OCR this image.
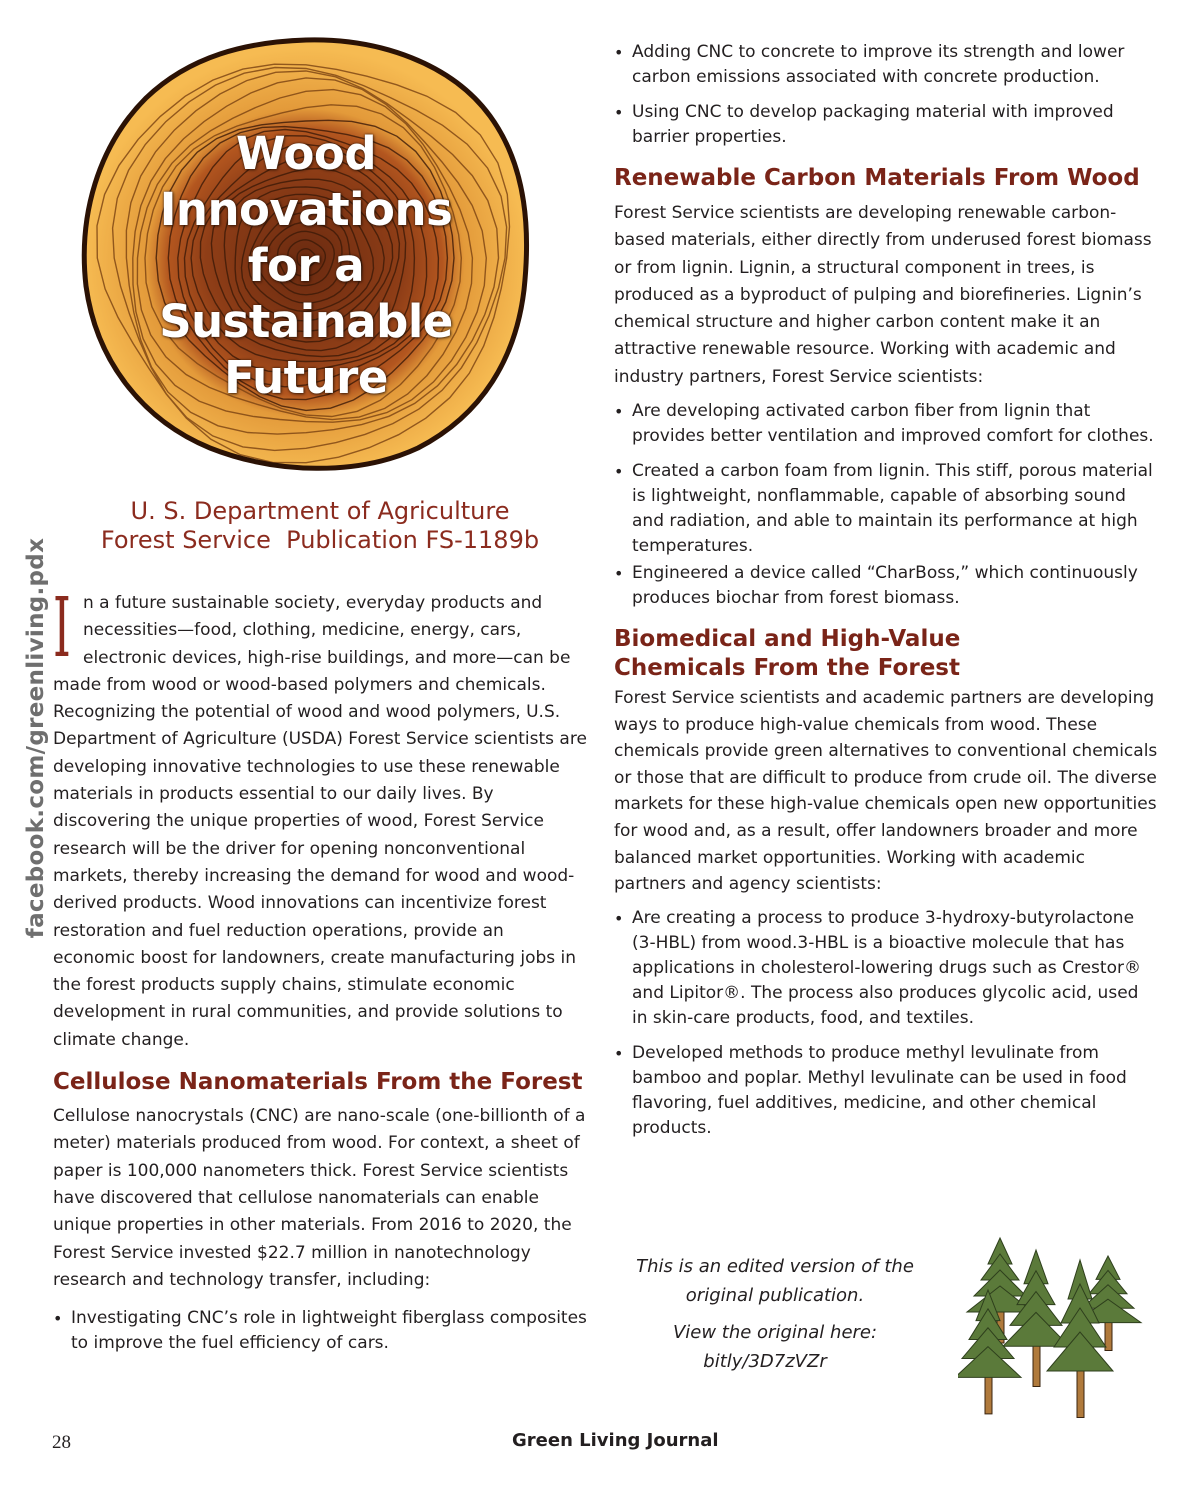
facebook.com/greenliving.pdx
Wood
Innovations
for a
Sustainable
Future
U. S. Department of Agriculture
Forest Service  Publication FS-1189b

In a future sustainable society, everyday products and necessities—food, clothing, medicine, energy, cars, electronic devices, high-rise buildings, and more—can be made from wood or wood-based polymers and chemicals. Recognizing the potential of wood and wood polymers, U.S. Department of Agriculture (USDA) Forest Service scientists are developing innovative technologies to use these renewable materials in products essential to our daily lives. By discovering the unique properties of wood, Forest Service research will be the driver for opening nonconventional markets, thereby increasing the demand for wood and wood-derived products. Wood innovations can incentivize forest restoration and fuel reduction operations, provide an economic boost for landowners, create manufacturing jobs in the forest products supply chains, stimulate economic development in rural communities, and provide solutions to climate change.

Cellulose Nanomaterials From the Forest

Cellulose nanocrystals (CNC) are nano-scale (one-billionth of a meter) materials produced from wood. For context, a sheet of paper is 100,000 nanometers thick. Forest Service scientists have discovered that cellulose nanomaterials can enable unique properties in other materials. From 2016 to 2020, the Forest Service invested $22.7 million in nanotechnology research and technology transfer, including:

• Investigating CNC’s role in lightweight fiberglass composites to improve the fuel efficiency of cars.
• Adding CNC to concrete to improve its strength and lower carbon emissions associated with concrete production.
• Using CNC to develop packaging material with improved barrier properties.
Renewable Carbon Materials From Wood

Forest Service scientists are developing renewable carbon-based materials, either directly from underused forest biomass or from lignin. Lignin, a structural component in trees, is produced as a byproduct of pulping and biorefineries. Lignin’s chemical structure and higher carbon content make it an attractive renewable resource. Working with academic and industry partners, Forest Service scientists:

• Are developing activated carbon fiber from lignin that provides better ventilation and improved comfort for clothes.
• Created a carbon foam from lignin. This stiff, porous material is lightweight, nonflammable, capable of absorbing sound and radiation, and able to maintain its performance at high temperatures.
• Engineered a device called “CharBoss,” which continuously produces biochar from forest biomass.
Biomedical and High-Value Chemicals From the Forest

Forest Service scientists and academic partners are developing ways to produce high-value chemicals from wood. These chemicals provide green alternatives to conventional chemicals or those that are difficult to produce from crude oil. The diverse markets for these high-value chemicals open new opportunities for wood and, as a result, offer landowners broader and more balanced market opportunities. Working with academic partners and agency scientists:

• Are creating a process to produce 3-hydroxy-butyrolactone (3-HBL) from wood.3-HBL is a bioactive molecule that has applications in cholesterol-lowering drugs such as Crestor® and Lipitor®. The process also produces glycolic acid, used in skin-care products, food, and textiles.
• Developed methods to produce methyl levulinate from bamboo and poplar. Methyl levulinate can be used in food flavoring, fuel additives, medicine, and other chemical products.
This is an edited version of the
original publication.
View the original here:
bitly/3D7zVZr
28	Green Living Journal
